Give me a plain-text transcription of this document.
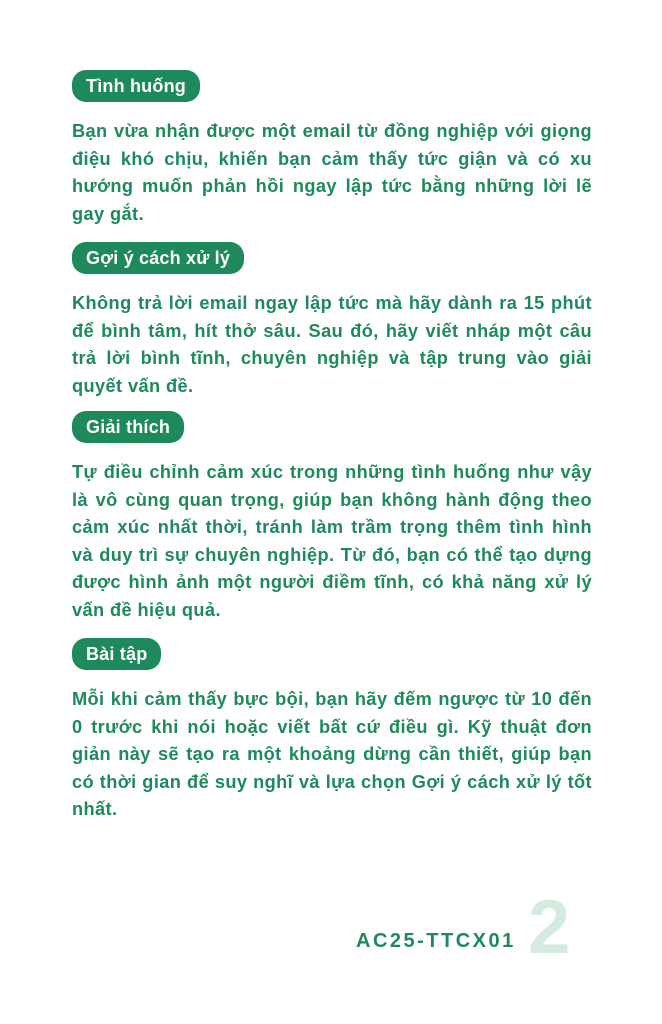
Tình huống

Bạn vừa nhận được một email từ đồng nghiệp với giọng điệu khó chịu, khiến bạn cảm thấy tức giận và có xu hướng muốn phản hồi ngay lập tức bằng những lời lẽ gay gắt.

Gợi ý cách xử lý

Không trả lời email ngay lập tức mà hãy dành ra 15 phút để bình tâm, hít thở sâu. Sau đó, hãy viết nháp một câu trả lời bình tĩnh, chuyên nghiệp và tập trung vào giải quyết vấn đề.

Giải thích

Tự điều chỉnh cảm xúc trong những tình huống như vậy là vô cùng quan trọng, giúp bạn không hành động theo cảm xúc nhất thời, tránh làm trầm trọng thêm tình hình và duy trì sự chuyên nghiệp. Từ đó, bạn có thể tạo dựng được hình ảnh một người điềm tĩnh, có khả năng xử lý vấn đề hiệu quả.

Bài tập

Mỗi khi cảm thấy bực bội, bạn hãy đếm ngược từ 10 đến 0 trước khi nói hoặc viết bất cứ điều gì. Kỹ thuật đơn giản này sẽ tạo ra một khoảng dừng cần thiết, giúp bạn có thời gian để suy nghĩ và lựa chọn Gợi ý cách xử lý tốt nhất.

AC25-TTCX01 2
